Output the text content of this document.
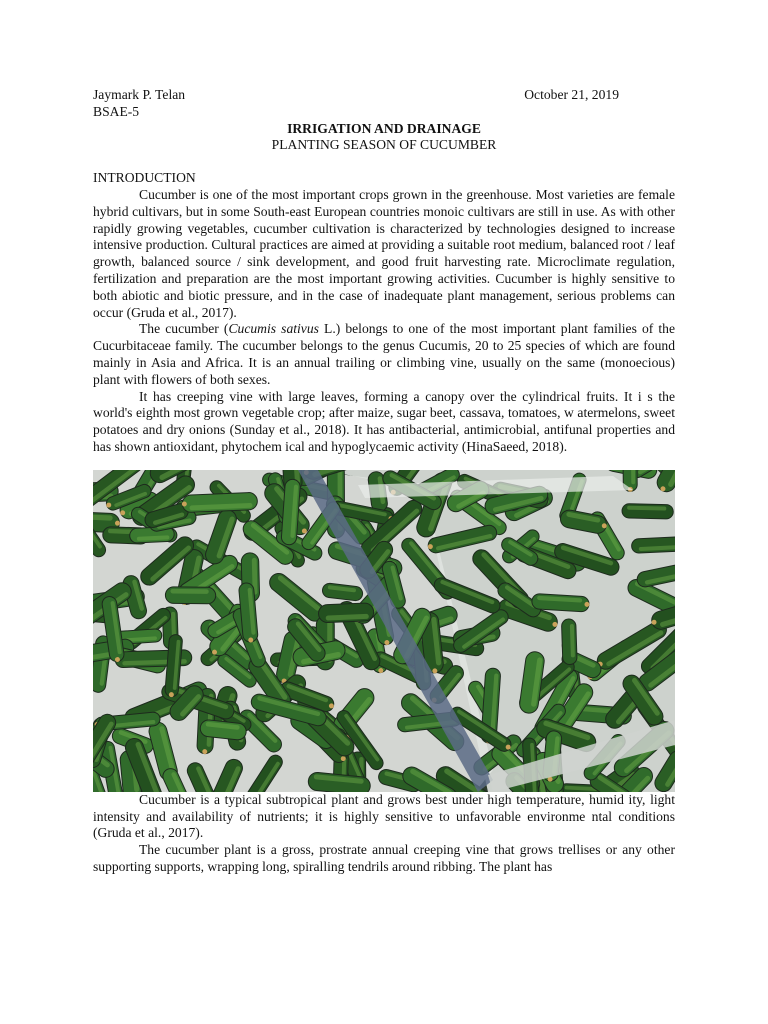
Jaymark P. Telan	October 21, 2019
BSAE-5
IRRIGATION AND DRAINAGE
PLANTING SEASON OF CUCUMBER
INTRODUCTION

Cucumber is one of the most important crops grown in the greenhouse. Most varieties are female hybrid cultivars, but in some South-east European countries monoic cultivars are still in use. As with other rapidly growing vegetables, cucumber cultivation is characterized by technologies designed to increase intensive production. Cultural practices are aimed at providing a suitable root medium, balanced root / leaf growth, balanced source / sink development, and good fruit harvesting rate. Microclimate regulation, fertilization and preparation are the most important growing activities. Cucumber is highly sensitive to both abiotic and biotic pressure, and in the case of inadequate plant management, serious problems can occur (Gruda et al., 2017).

The cucumber (Cucumis sativus L.) belongs to one of the most important plant families of the Cucurbitaceae family. The cucumber belongs to the genus Cucumis, 20 to 25 species of which are found mainly in Asia and Africa. It is an annual trailing or climbing vine, usually on the same (monoecious) plant with flowers of both sexes.

It has creeping vine with large leaves, forming a canopy over the cylindrical fruits. It i s the world's eighth most grown vegetable crop; after maize, sugar beet, cassava, tomatoes, w atermelons, sweet potatoes and dry onions (Sunday et al., 2018). It has antibacterial, antimicrobial, antifunal properties and has shown antioxidant, phytochem ical and hypoglycaemic activity (HinaSaeed, 2018).

Cucumber is a typical subtropical plant and grows best under high temperature, humid ity, light intensity and availability of nutrients; it is highly sensitive to unfavorable environme ntal conditions (Gruda et al., 2017).

The cucumber plant is a gross, prostrate annual creeping vine that grows trellises or any other supporting supports, wrapping long, spiralling tendrils around ribbing. The plant has
